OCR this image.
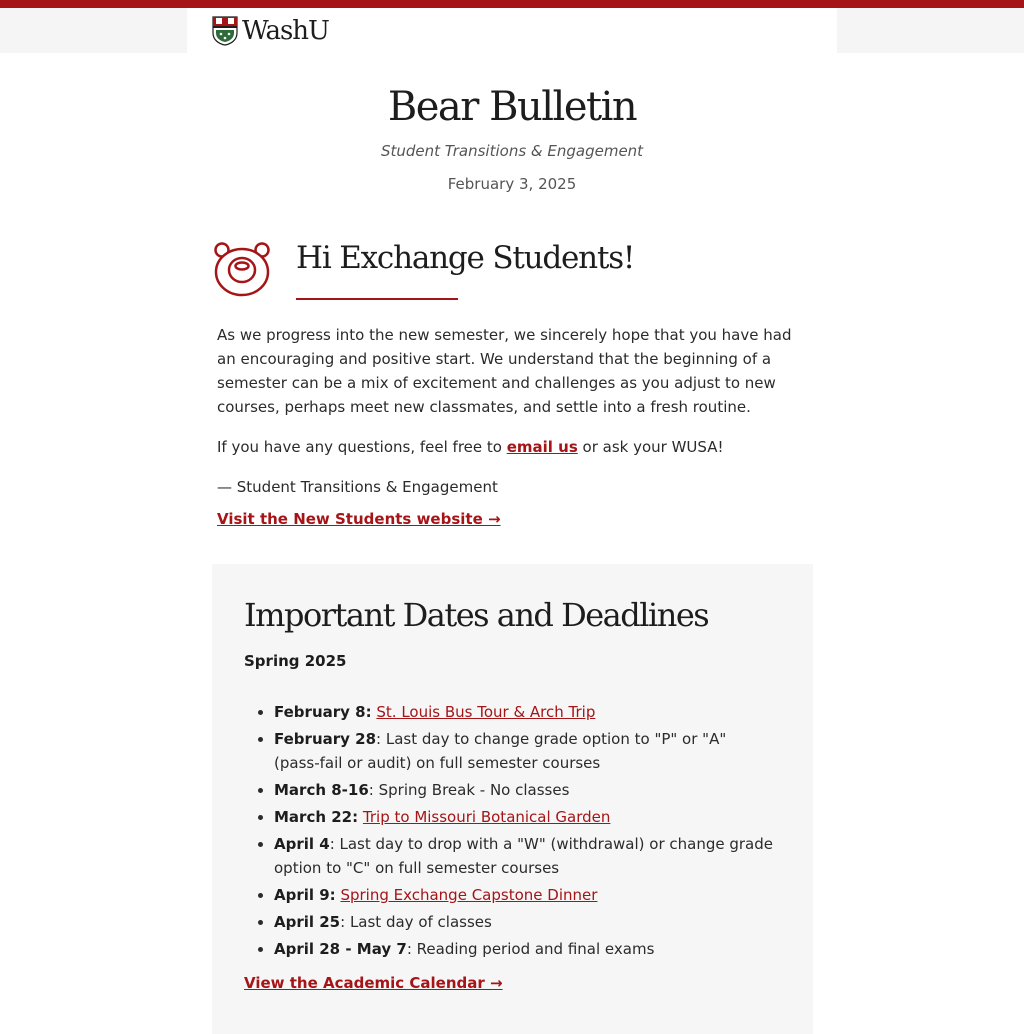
WashU
Bear Bulletin
Student Transitions & Engagement
February 3, 2025
Hi Exchange Students!

As we progress into the new semester, we sincerely hope that you have had an encouraging and positive start. We understand that the beginning of a semester can be a mix of excitement and challenges as you adjust to new courses, perhaps meet new classmates, and settle into a fresh routine.

If you have any questions, feel free to email us or ask your WUSA!

— Student Transitions & Engagement

Visit the New Students website →
Important Dates and Deadlines
Spring 2025
• February 8: St. Louis Bus Tour & Arch Trip
• February 28: Last day to change grade option to "P" or "A" (pass-fail or audit) on full semester courses
• March 8-16: Spring Break - No classes
• March 22: Trip to Missouri Botanical Garden
• April 4: Last day to drop with a "W" (withdrawal) or change grade option to "C" on full semester courses
• April 9: Spring Exchange Capstone Dinner
• April 25: Last day of classes
• April 28 - May 7: Reading period and final exams
View the Academic Calendar →
